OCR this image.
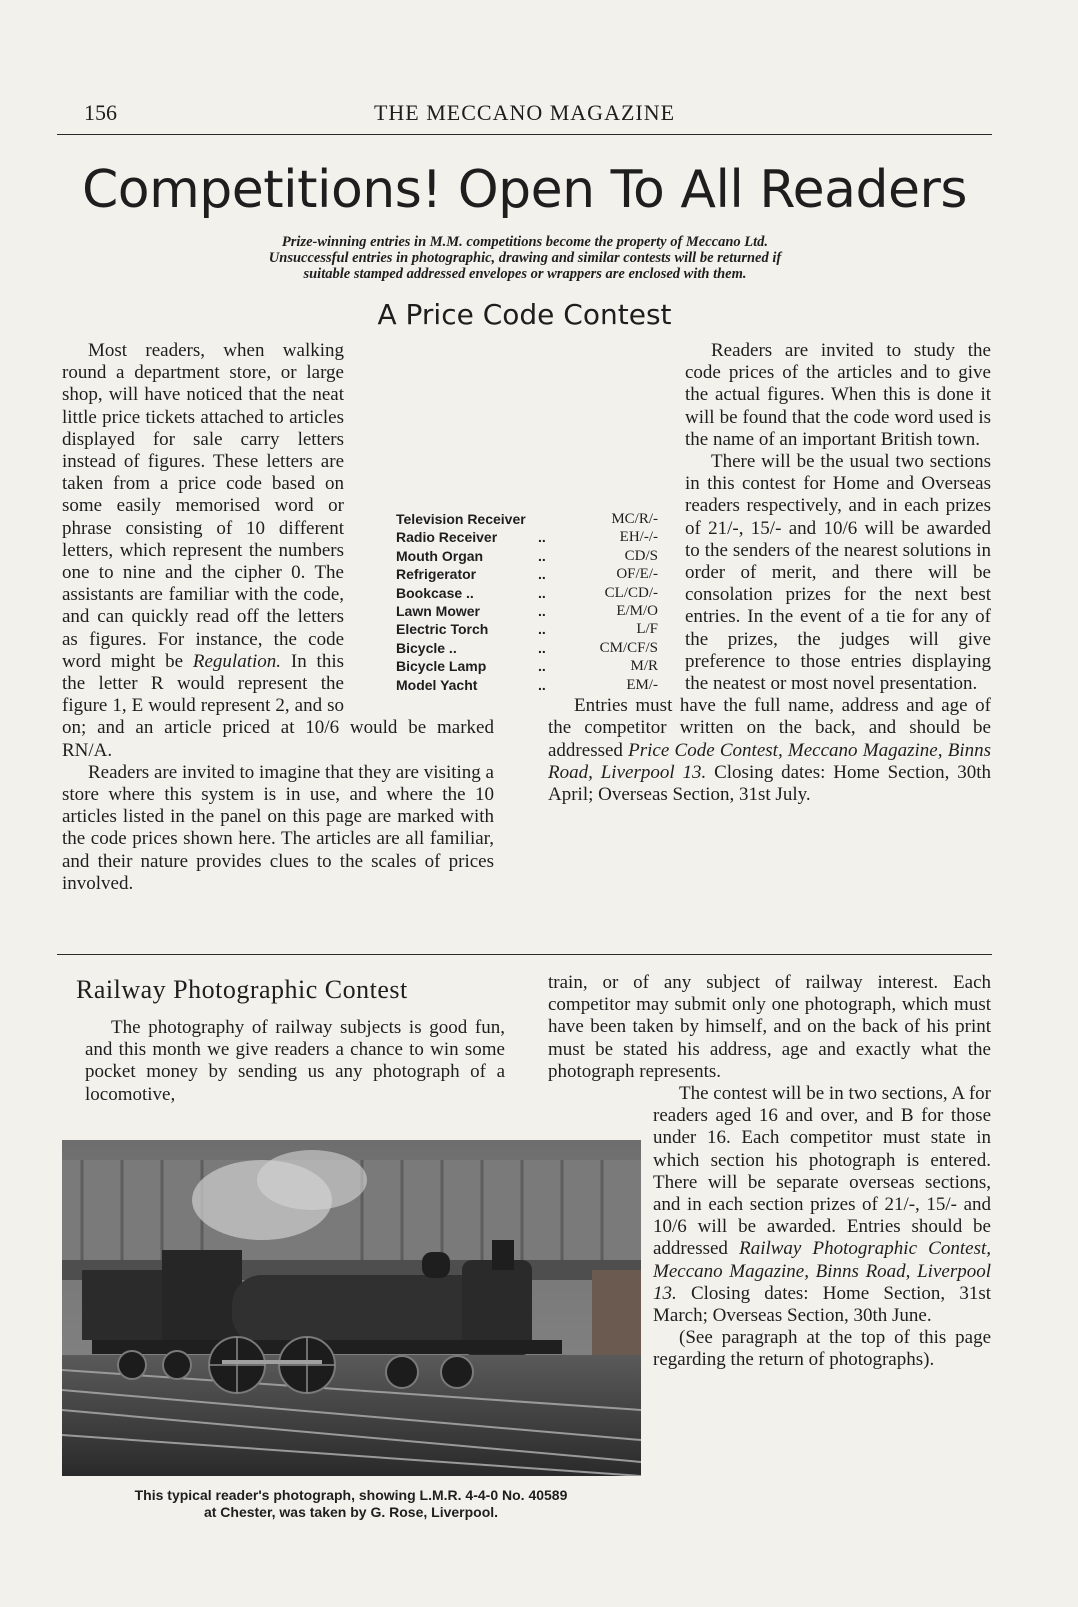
156	THE MECCANO MAGAZINE
Competitions! Open To All Readers
Prize-winning entries in M.M. competitions become the property of Meccano Ltd.
Unsuccessful entries in photographic, drawing and similar contests will be returned if
suitable stamped addressed envelopes or wrappers are enclosed with them.
A Price Code Contest

Most readers, when walking round a department store, or large shop, will have noticed that the neat little price tickets attached to articles displayed for sale carry letters instead of figures. These letters are taken from a price code based on some easily memorised word or phrase consisting of 10 different letters, which represent the numbers one to nine and the cipher 0. The assistants are familiar with the code, and can quickly read off the letters as figures. For instance, the code word might be Regulation. In this the letter R would represent the figure 1, E would represent 2, and so on; and an article priced at 10/6 would be marked RN/A.

Readers are invited to imagine that they are visiting a store where this system is in use, and where the 10 articles listed in the panel on this page are marked with the code prices shown here. The articles are all familiar, and their nature provides clues to the scales of prices involved.

Television Receiver	MC/R/-
Radio Receiver	..	EH/-/-
Mouth Organ	..	CD/S
Refrigerator	..	OF/E/-
Bookcase ..	..	CL/CD/-
Lawn Mower	..	E/M/O
Electric Torch	..	L/F
Bicycle ..	..	CM/CF/S
Bicycle Lamp	..	M/R
Model Yacht	..	EM/-

Readers are invited to study the code prices of the articles and to give the actual figures. When this is done it will be found that the code word used is the name of an important British town.

There will be the usual two sections in this contest for Home and Overseas readers respectively, and in each prizes of 21/-, 15/- and 10/6 will be awarded to the senders of the nearest solutions in order of merit, and there will be consolation prizes for the next best entries. In the event of a tie for any of the prizes, the judges will give preference to those entries displaying the neatest or most novel presentation.

Entries must have the full name, address and age of the competitor written on the back, and should be addressed Price Code Contest, Meccano Magazine, Binns Road, Liverpool 13. Closing dates: Home Section, 30th April; Overseas Section, 31st July.

Railway Photographic Contest

The photography of railway subjects is good fun, and this month we give readers a chance to win some pocket money by sending us any photograph of a locomotive,

train, or of any subject of railway interest. Each competitor may submit only one photograph, which must have been taken by himself, and on the back of his print must be stated his address, age and exactly what the photograph represents.

The contest will be in two sections, A for readers aged 16 and over, and B for those under 16. Each competitor must state in which section his photograph is entered. There will be separate overseas sections, and in each section prizes of 21/-, 15/- and 10/6 will be awarded. Entries should be addressed Railway Photographic Contest, Meccano Magazine, Binns Road, Liverpool 13. Closing dates: Home Section, 31st March; Overseas Section, 30th June.

(See paragraph at the top of this page regarding the return of photographs).

This typical reader's photograph, showing L.M.R. 4-4-0 No. 40589
at Chester, was taken by G. Rose, Liverpool.
